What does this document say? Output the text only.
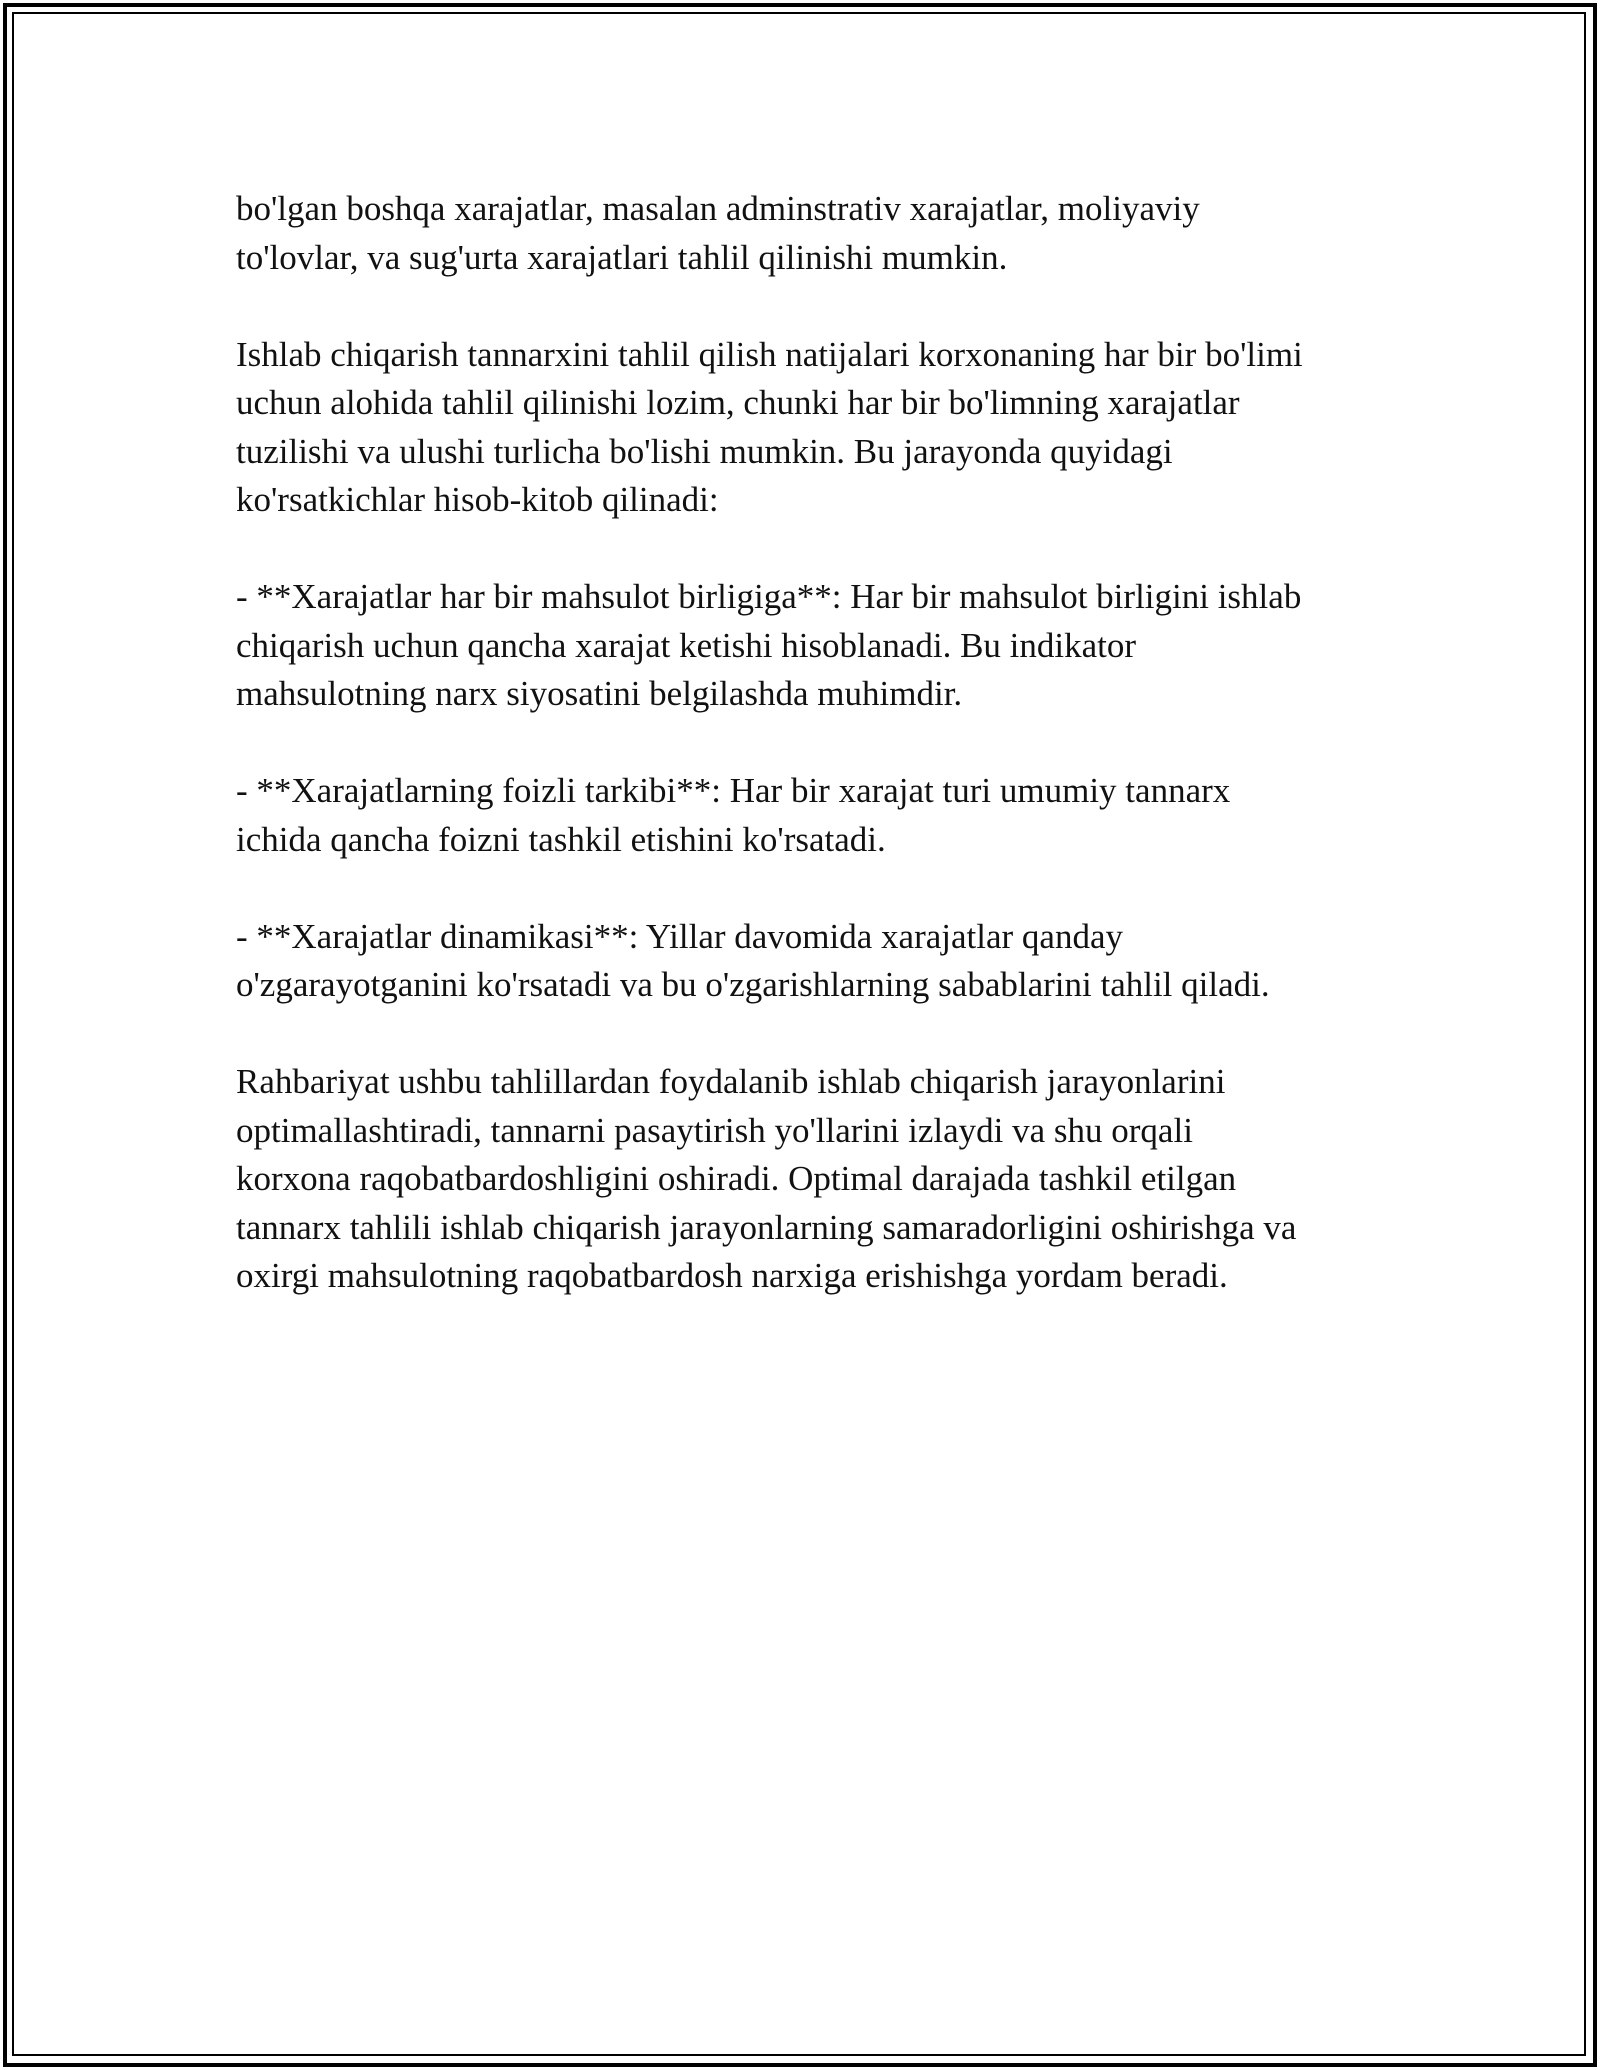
bo'lgan boshqa xarajatlar, masalan adminstrativ xarajatlar, moliyaviy
to'lovlar, va sug'urta xarajatlari tahlil qilinishi mumkin.

Ishlab chiqarish tannarxini tahlil qilish natijalari korxonaning har bir bo'limi
uchun alohida tahlil qilinishi lozim, chunki har bir bo'limning xarajatlar
tuzilishi va ulushi turlicha bo'lishi mumkin. Bu jarayonda quyidagi
ko'rsatkichlar hisob-kitob qilinadi:

- **Xarajatlar har bir mahsulot birligiga**: Har bir mahsulot birligini ishlab
chiqarish uchun qancha xarajat ketishi hisoblanadi. Bu indikator
mahsulotning narx siyosatini belgilashda muhimdir.

- **Xarajatlarning foizli tarkibi**: Har bir xarajat turi umumiy tannarx
ichida qancha foizni tashkil etishini ko'rsatadi.

- **Xarajatlar dinamikasi**: Yillar davomida xarajatlar qanday
o'zgarayotganini ko'rsatadi va bu o'zgarishlarning sabablarini tahlil qiladi.

Rahbariyat ushbu tahlillardan foydalanib ishlab chiqarish jarayonlarini
optimallashtiradi, tannarni pasaytirish yo'llarini izlaydi va shu orqali
korxona raqobatbardoshligini oshiradi. Optimal darajada tashkil etilgan
tannarx tahlili ishlab chiqarish jarayonlarning samaradorligini oshirishga va
oxirgi mahsulotning raqobatbardosh narxiga erishishga yordam beradi.
